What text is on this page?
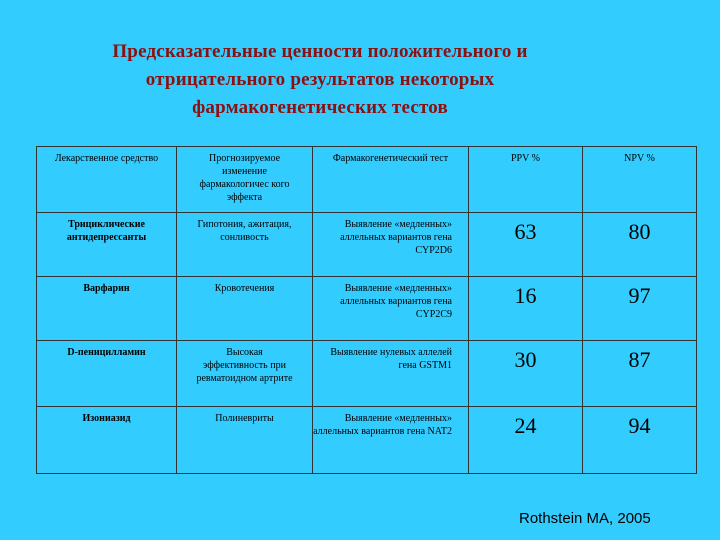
Предсказательные ценности положительного и
отрицательного результатов некоторых
фармакогенетических тестов
Лекарственное средство	Прогнозируемое изменение фармакологичес кого эффекта	Фармакогенетический тест	PPV %	NPV %
Трициклические антидепрессанты	Гипотония, ажитация, сонливость	Выявление «медленных» аллельных вариантов гена CYP2D6	63	80
Варфарин	Кровотечения	Выявление «медленных» аллельных вариантов гена CYP2C9	16	97
D-пеницилламин	Высокая эффективность при ревматоидном артрите	Выявление нулевых аллелей гена GSTM1	30	87
Изониазид	Полиневриты	Выявление «медленных» аллельных вариантов гена NAT2	24	94
Rothstein MA, 2005
